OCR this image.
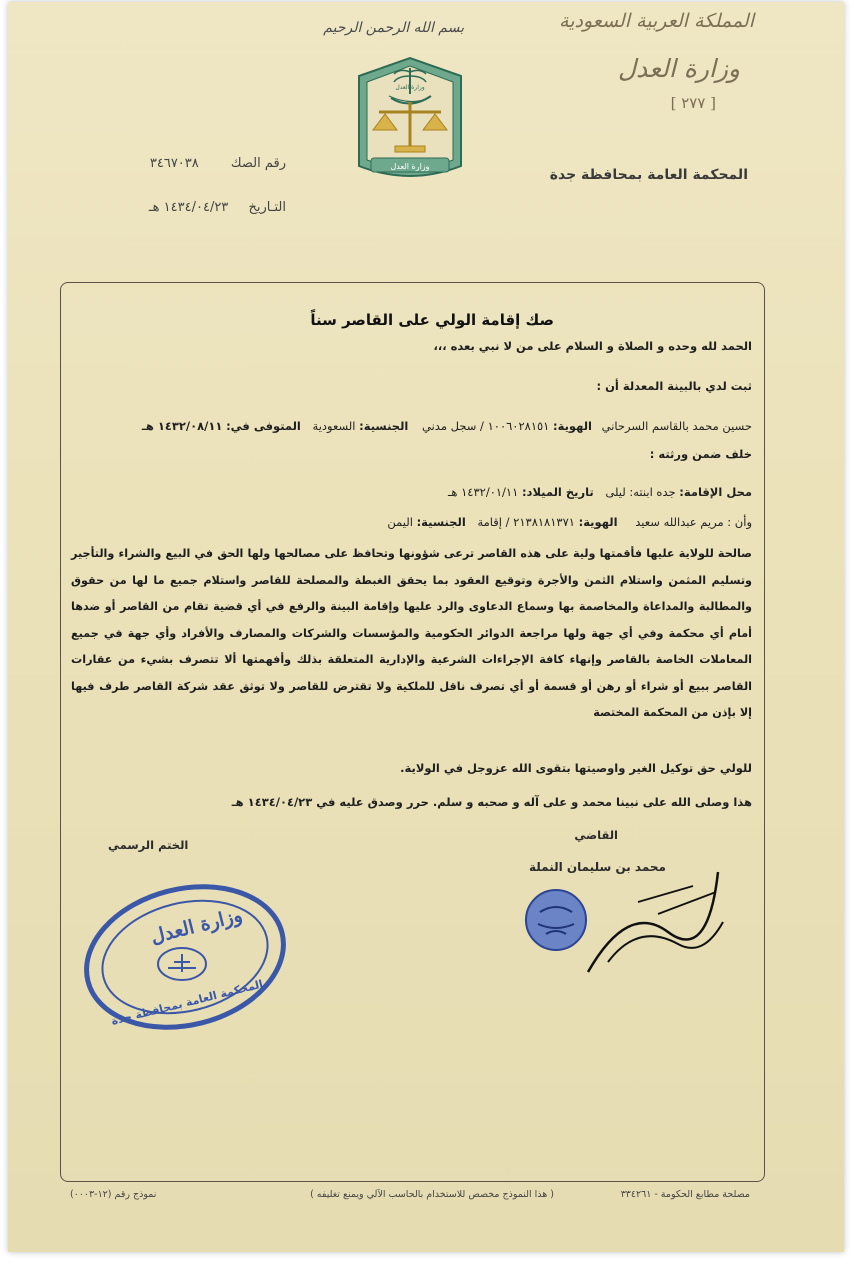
المملكة العربية السعودية
وزارة العدل
[ ٢٧٧ ]
المحكمة العامة بمحافظة جدة
بسم الله الرحمن الرحيم
وزارة العدل
وزارة العدل
رقم الصك ٣٤٦٧٠٣٨
التـاريخ ١٤٣٤/٠٤/٢٣ هـ
صك إقامة الولي على القاصر سناً
الحمد لله وحده و الصلاة و السلام على من لا نبي بعده ،،،
ثبت لدي بالبينة المعدلة أن :
حسين محمد بالقاسم السرحاني الهوية: ١٠٠٦٠٢٨١٥١ / سجل مدني الجنسية: السعودية المتوفى في: ١٤٣٢/٠٨/١١ هـ
خلف ضمن ورثته :
محل الإقامة: جده ابنته: ليلى تاريخ الميلاد: ١٤٣٢/٠١/١١ هـ
وأن : مريم عبدالله سعيد الهوية: ٢١٣٨١٨١٣٧١ / إقامة الجنسية: اليمن
صالحة للولاية عليها فأقمتها ولية على هذه القاصر ترعى شؤونها وتحافظ على مصالحها ولها الحق في البيع والشراء والتأجير وتسليم المثمن واستلام الثمن والأجرة وتوقيع العقود بما يحقق الغبطة والمصلحة للقاصر واستلام جميع ما لها من حقوق والمطالبة والمداعاة والمخاصمة بها وسماع الدعاوى والرد عليها وإقامة البينة والرفع في أي قضية تقام من القاصر أو ضدها أمام أي محكمة وفي أي جهة ولها مراجعة الدوائر الحكومية والمؤسسات والشركات والمصارف والأفراد وأي جهة في جميع المعاملات الخاصة بالقاصر وإنهاء كافة الإجراءات الشرعية والإدارية المتعلقة بذلك وأفهمتها ألا تتصرف بشيء من عقارات القاصر ببيع أو شراء أو رهن أو قسمة أو أي تصرف ناقل للملكية ولا تقترض للقاصر ولا توثق عقد شركة القاصر طرف فيها إلا بإذن من المحكمة المختصة
للولي حق توكيل الغير واوصيتها بتقوى الله عزوجل في الولاية.
هذا وصلى الله على نبينا محمد و على آله و صحبه و سلم. حرر وصدق عليه في ١٤٣٤/٠٤/٢٣ هـ
القاضي
محمد بن سليمان النملة
الختم الرسمي
وزارة العدل
المحكمة العامة بمحافظة جدة
مصلحة مطابع الحكومة - ٣٣٤٢٦١
( هذا النموذج مخصص للاستخدام بالحاسب الآلي ويمنع تغليفه )
نموذج رقم (١٢-٠٠٠٣)
